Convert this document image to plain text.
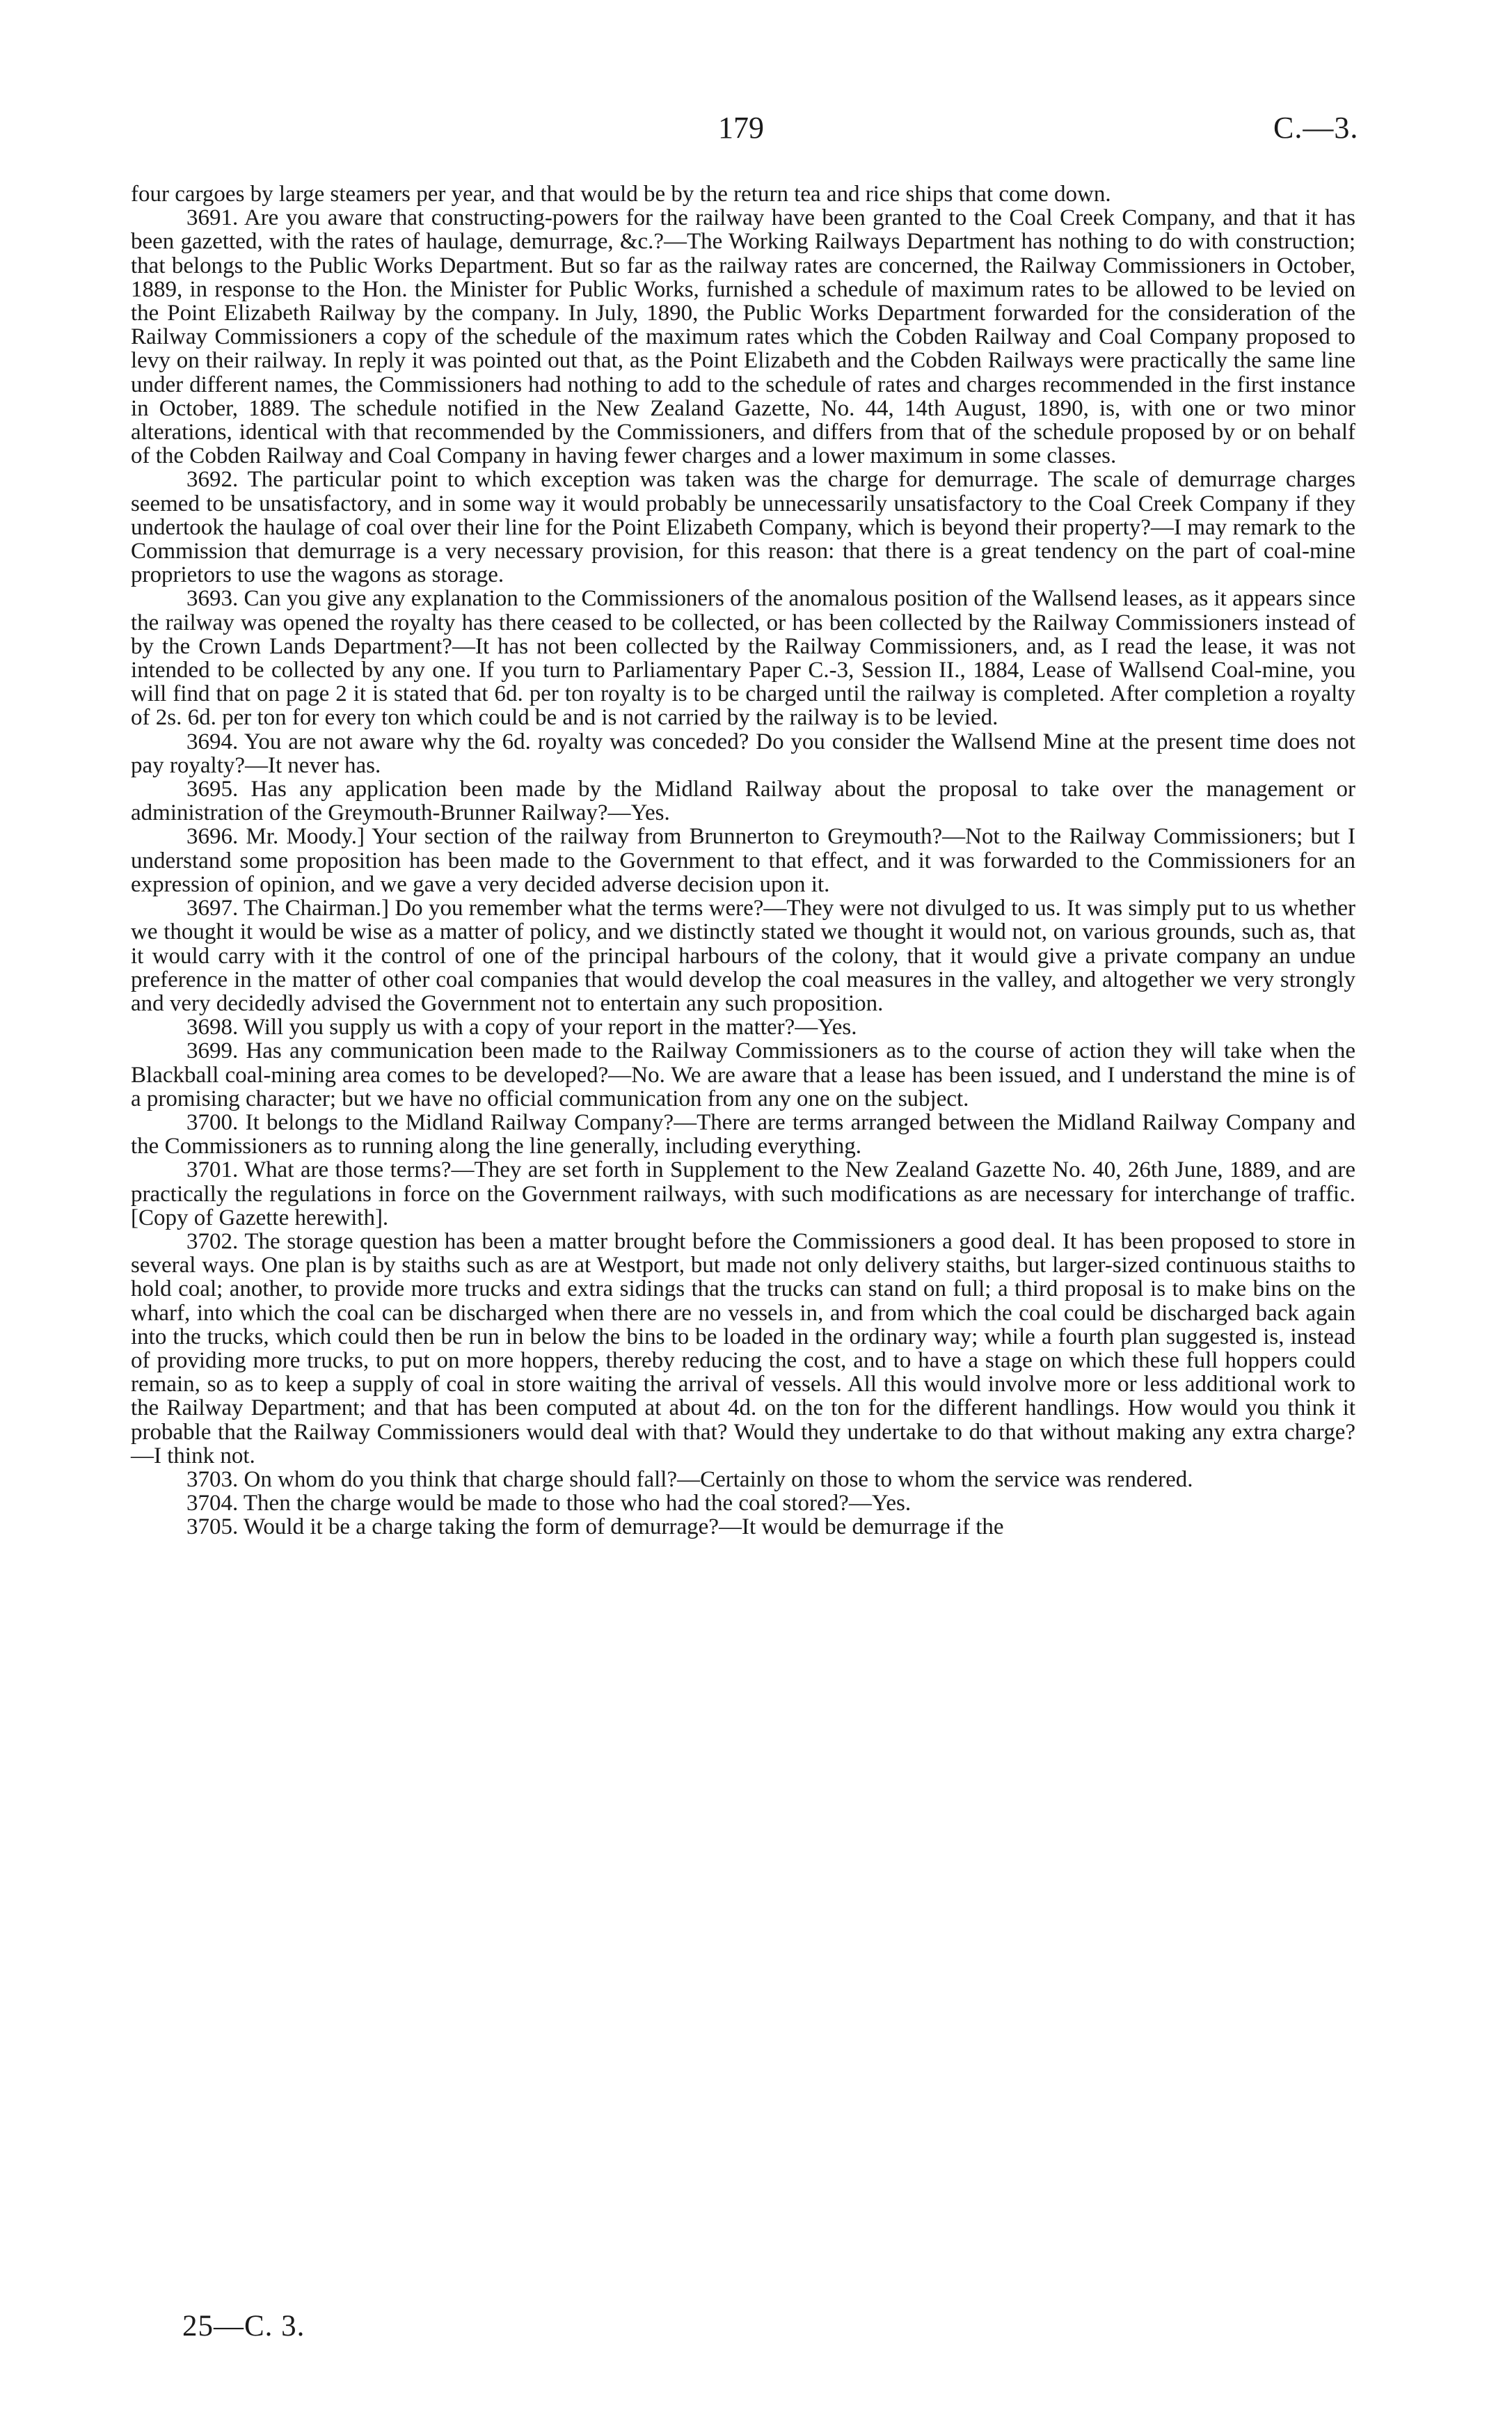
179	C.—3.

four cargoes by large steamers per year, and that would be by the return tea and rice ships that come down.

3691. Are you aware that constructing-powers for the railway have been granted to the Coal Creek Company, and that it has been gazetted, with the rates of haulage, demurrage, &c.?—The Working Railways Department has nothing to do with construction; that belongs to the Public Works Department. But so far as the railway rates are concerned, the Railway Commissioners in October, 1889, in response to the Hon. the Minister for Public Works, furnished a schedule of maximum rates to be allowed to be levied on the Point Elizabeth Railway by the company. In July, 1890, the Public Works Department forwarded for the consideration of the Railway Commissioners a copy of the schedule of the maximum rates which the Cobden Railway and Coal Company proposed to levy on their railway. In reply it was pointed out that, as the Point Elizabeth and the Cobden Railways were practically the same line under different names, the Commissioners had nothing to add to the schedule of rates and charges recommended in the first instance in October, 1889. The schedule notified in the New Zealand Gazette, No. 44, 14th August, 1890, is, with one or two minor alterations, identical with that recommended by the Commissioners, and differs from that of the schedule proposed by or on behalf of the Cobden Railway and Coal Company in having fewer charges and a lower maximum in some classes.

3692. The particular point to which exception was taken was the charge for demurrage. The scale of demurrage charges seemed to be unsatisfactory, and in some way it would probably be unnecessarily unsatisfactory to the Coal Creek Company if they undertook the haulage of coal over their line for the Point Elizabeth Company, which is beyond their property?—I may remark to the Commission that demurrage is a very necessary provision, for this reason: that there is a great tendency on the part of coal-mine proprietors to use the wagons as storage.

3693. Can you give any explanation to the Commissioners of the anomalous position of the Wallsend leases, as it appears since the railway was opened the royalty has there ceased to be collected, or has been collected by the Railway Commissioners instead of by the Crown Lands Department?—It has not been collected by the Railway Commissioners, and, as I read the lease, it was not intended to be collected by any one. If you turn to Parliamentary Paper C.-3, Session II., 1884, Lease of Wallsend Coal-mine, you will find that on page 2 it is stated that 6d. per ton royalty is to be charged until the railway is completed. After completion a royalty of 2s. 6d. per ton for every ton which could be and is not carried by the railway is to be levied.

3694. You are not aware why the 6d. royalty was conceded? Do you consider the Wallsend Mine at the present time does not pay royalty?—It never has.

3695. Has any application been made by the Midland Railway about the proposal to take over the management or administration of the Greymouth-Brunner Railway?—Yes.

3696. Mr. Moody.] Your section of the railway from Brunnerton to Greymouth?—Not to the Railway Commissioners; but I understand some proposition has been made to the Government to that effect, and it was forwarded to the Commissioners for an expression of opinion, and we gave a very decided adverse decision upon it.

3697. The Chairman.] Do you remember what the terms were?—They were not divulged to us. It was simply put to us whether we thought it would be wise as a matter of policy, and we distinctly stated we thought it would not, on various grounds, such as, that it would carry with it the control of one of the principal harbours of the colony, that it would give a private company an undue preference in the matter of other coal companies that would develop the coal measures in the valley, and altogether we very strongly and very decidedly advised the Government not to entertain any such proposition.

3698. Will you supply us with a copy of your report in the matter?—Yes.

3699. Has any communication been made to the Railway Commissioners as to the course of action they will take when the Blackball coal-mining area comes to be developed?—No. We are aware that a lease has been issued, and I understand the mine is of a promising character; but we have no official communication from any one on the subject.

3700. It belongs to the Midland Railway Company?—There are terms arranged between the Midland Railway Company and the Commissioners as to running along the line generally, including everything.

3701. What are those terms?—They are set forth in Supplement to the New Zealand Gazette No. 40, 26th June, 1889, and are practically the regulations in force on the Government railways, with such modifications as are necessary for interchange of traffic. [Copy of Gazette herewith].

3702. The storage question has been a matter brought before the Commissioners a good deal. It has been proposed to store in several ways. One plan is by staiths such as are at Westport, but made not only delivery staiths, but larger-sized continuous staiths to hold coal; another, to provide more trucks and extra sidings that the trucks can stand on full; a third proposal is to make bins on the wharf, into which the coal can be discharged when there are no vessels in, and from which the coal could be discharged back again into the trucks, which could then be run in below the bins to be loaded in the ordinary way; while a fourth plan suggested is, instead of providing more trucks, to put on more hoppers, thereby reducing the cost, and to have a stage on which these full hoppers could remain, so as to keep a supply of coal in store waiting the arrival of vessels. All this would involve more or less additional work to the Railway Department; and that has been computed at about 4d. on the ton for the different handlings. How would you think it probable that the Railway Commissioners would deal with that? Would they undertake to do that without making any extra charge?—I think not.

3703. On whom do you think that charge should fall?—Certainly on those to whom the service was rendered.

3704. Then the charge would be made to those who had the coal stored?—Yes.

3705. Would it be a charge taking the form of demurrage?—It would be demurrage if the

25—C. 3.
